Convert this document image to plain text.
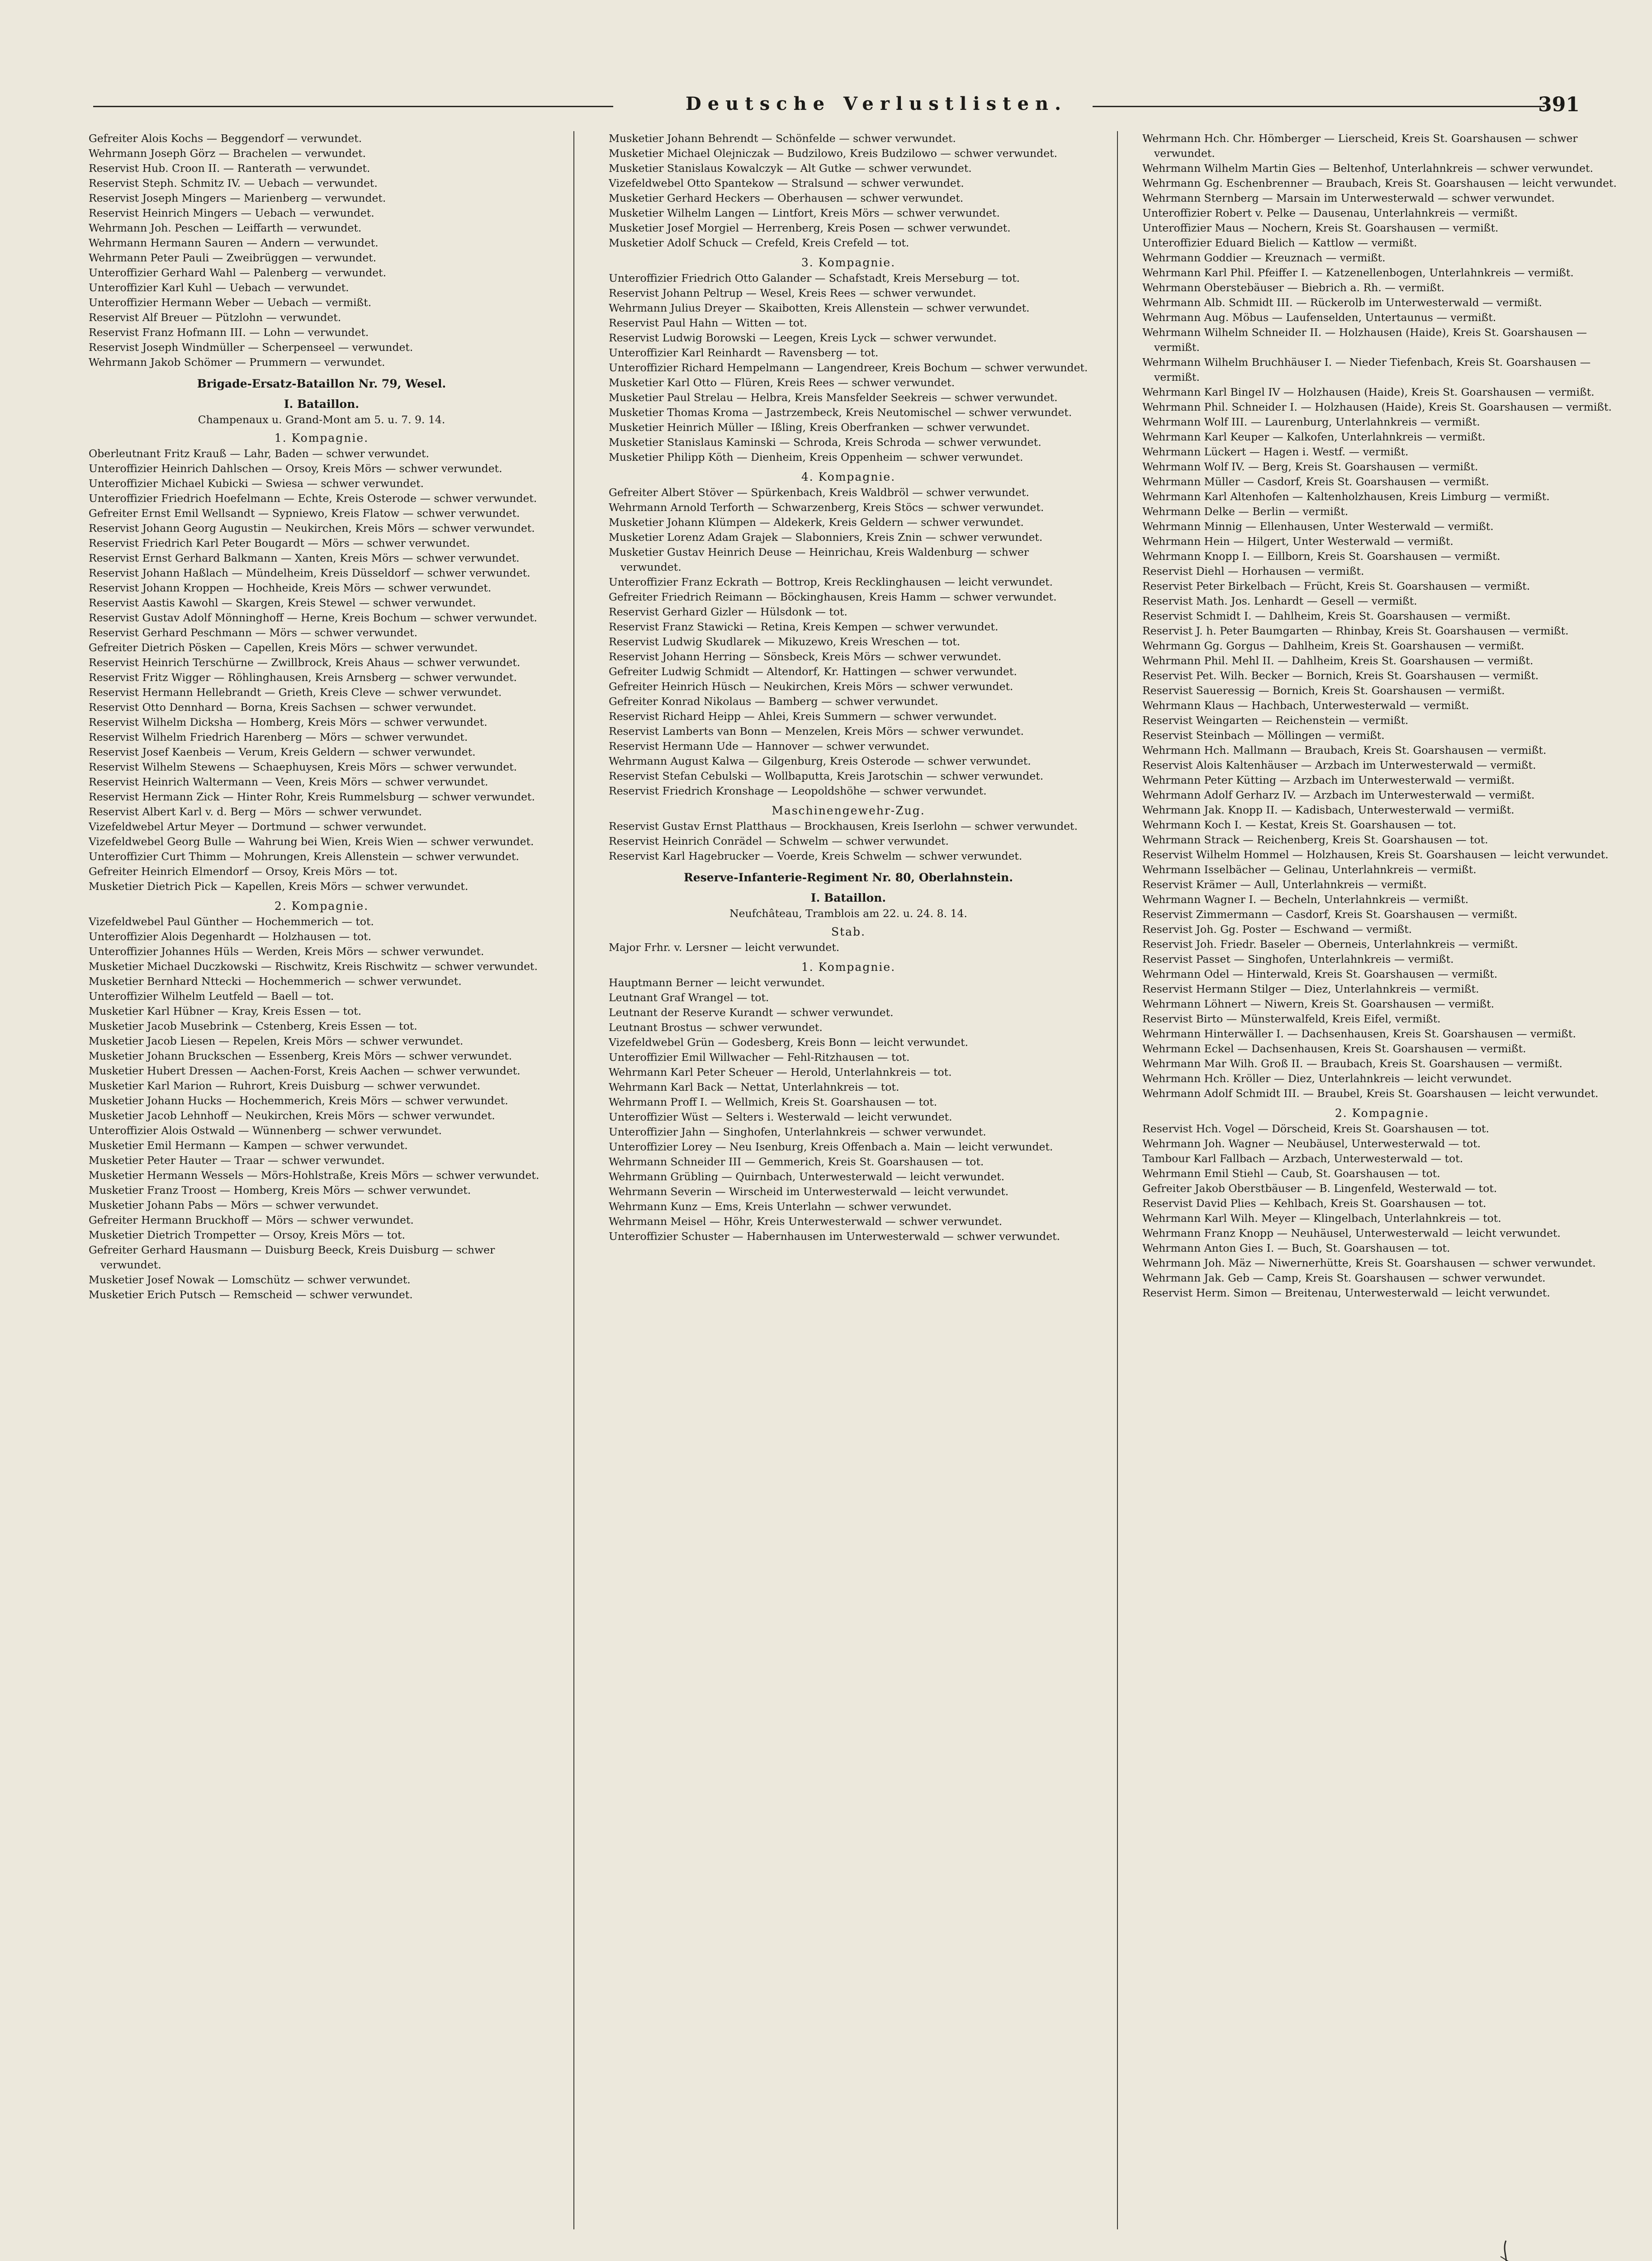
Deutsche Verlustlisten.	391

Gefreiter Alois Kochs — Beggendorf — verwundet.

Wehrmann Joseph Görz — Brachelen — verwundet.

Reservist Hub. Croon II. — Ranterath — verwundet.

Reservist Steph. Schmitz IV. — Uebach — verwundet.

Reservist Joseph Mingers — Marienberg — verwundet.

Reservist Heinrich Mingers — Uebach — verwundet.

Wehrmann Joh. Peschen — Leiffarth — verwundet.

Wehrmann Hermann Sauren — Andern — verwundet.

Wehrmann Peter Pauli — Zweibrüggen — verwundet.

Unteroffizier Gerhard Wahl — Palenberg — verwundet.

Unteroffizier Karl Kuhl — Uebach — verwundet.

Unteroffizier Hermann Weber — Uebach — vermißt.

Reservist Alf Breuer — Pützlohn — verwundet.

Reservist Franz Hofmann III. — Lohn — verwundet.

Reservist Joseph Windmüller — Scherpenseel — verwundet.

Wehrmann Jakob Schömer — Prummern — verwundet.

Brigade-Ersatz-Bataillon Nr. 79, Wesel.
I. Bataillon.
Champenaux u. Grand-Mont am 5. u. 7. 9. 14.
1. Kompagnie.

Oberleutnant Fritz Krauß — Lahr, Baden — schwer verwundet.

Unteroffizier Heinrich Dahlschen — Orsoy, Kreis Mörs — schwer verwundet.

Unteroffizier Michael Kubicki — Swiesa — schwer verwundet.

Unteroffizier Friedrich Hoefelmann — Echte, Kreis Osterode — schwer verwundet.

Gefreiter Ernst Emil Wellsandt — Sypniewo, Kreis Flatow — schwer verwundet.

Reservist Johann Georg Augustin — Neukirchen, Kreis Mörs — schwer verwundet.

Reservist Friedrich Karl Peter Bougardt — Mörs — schwer verwundet.

Reservist Ernst Gerhard Balkmann — Xanten, Kreis Mörs — schwer verwundet.

Reservist Johann Haßlach — Mündelheim, Kreis Düsseldorf — schwer verwundet.

Reservist Johann Kroppen — Hochheide, Kreis Mörs — schwer verwundet.

Reservist Aastis Kawohl — Skargen, Kreis Stewel — schwer verwundet.

Reservist Gustav Adolf Mönninghoff — Herne, Kreis Bochum — schwer verwundet.

Reservist Gerhard Peschmann — Mörs — schwer verwundet.

Gefreiter Dietrich Pösken — Capellen, Kreis Mörs — schwer verwundet.

Reservist Heinrich Terschürne — Zwillbrock, Kreis Ahaus — schwer verwundet.

Reservist Fritz Wigger — Röhlinghausen, Kreis Arnsberg — schwer verwundet.

Reservist Hermann Hellebrandt — Grieth, Kreis Cleve — schwer verwundet.

Reservist Otto Dennhard — Borna, Kreis Sachsen — schwer verwundet.

Reservist Wilhelm Dicksha — Homberg, Kreis Mörs — schwer verwundet.

Reservist Wilhelm Friedrich Harenberg — Mörs — schwer verwundet.

Reservist Josef Kaenbeis — Verum, Kreis Geldern — schwer verwundet.

Reservist Wilhelm Stewens — Schaephuysen, Kreis Mörs — schwer verwundet.

Reservist Heinrich Waltermann — Veen, Kreis Mörs — schwer verwundet.

Reservist Hermann Zick — Hinter Rohr, Kreis Rummelsburg — schwer verwundet.

Reservist Albert Karl v. d. Berg — Mörs — schwer verwundet.

Vizefeldwebel Artur Meyer — Dortmund — schwer verwundet.

Vizefeldwebel Georg Bulle — Wahrung bei Wien, Kreis Wien — schwer verwundet.

Unteroffizier Curt Thimm — Mohrungen, Kreis Allenstein — schwer verwundet.

Gefreiter Heinrich Elmendorf — Orsoy, Kreis Mörs — tot.

Musketier Dietrich Pick — Kapellen, Kreis Mörs — schwer verwundet.

2. Kompagnie.

Vizefeldwebel Paul Günther — Hochemmerich — tot.

Unteroffizier Alois Degenhardt — Holzhausen — tot.

Unteroffizier Johannes Hüls — Werden, Kreis Mörs — schwer verwundet.

Musketier Michael Duczkowski — Rischwitz, Kreis Rischwitz — schwer verwundet.

Musketier Bernhard Nttecki — Hochemmerich — schwer verwundet.

Unteroffizier Wilhelm Leutfeld — Baell — tot.

Musketier Karl Hübner — Kray, Kreis Essen — tot.

Musketier Jacob Musebrink — Cstenberg, Kreis Essen — tot.

Musketier Jacob Liesen — Repelen, Kreis Mörs — schwer verwundet.

Musketier Johann Bruckschen — Essenberg, Kreis Mörs — schwer verwundet.

Musketier Hubert Dressen — Aachen-Forst, Kreis Aachen — schwer verwundet.

Musketier Karl Marion — Ruhrort, Kreis Duisburg — schwer verwundet.

Musketier Johann Hucks — Hochemmerich, Kreis Mörs — schwer verwundet.

Musketier Jacob Lehnhoff — Neukirchen, Kreis Mörs — schwer verwundet.

Unteroffizier Alois Ostwald — Wünnenberg — schwer verwundet.

Musketier Emil Hermann — Kampen — schwer verwundet.

Musketier Peter Hauter — Traar — schwer verwundet.

Musketier Hermann Wessels — Mörs-Hohlstraße, Kreis Mörs — schwer verwundet.

Musketier Franz Troost — Homberg, Kreis Mörs — schwer verwundet.

Musketier Johann Pabs — Mörs — schwer verwundet.

Gefreiter Hermann Bruckhoff — Mörs — schwer verwundet.

Musketier Dietrich Trompetter — Orsoy, Kreis Mörs — tot.

Gefreiter Gerhard Hausmann — Duisburg Beeck, Kreis Duisburg — schwer verwundet.

Musketier Josef Nowak — Lomschütz — schwer verwundet.

Musketier Erich Putsch — Remscheid — schwer verwundet.

Musketier Johann Behrendt — Schönfelde — schwer verwundet.

Musketier Michael Olejniczak — Budzilowo, Kreis Budzilowo — schwer verwundet.

Musketier Stanislaus Kowalczyk — Alt Gutke — schwer verwundet.

Vizefeldwebel Otto Spantekow — Stralsund — schwer verwundet.

Musketier Gerhard Heckers — Oberhausen — schwer verwundet.

Musketier Wilhelm Langen — Lintfort, Kreis Mörs — schwer verwundet.

Musketier Josef Morgiel — Herrenberg, Kreis Posen — schwer verwundet.

Musketier Adolf Schuck — Crefeld, Kreis Crefeld — tot.

3. Kompagnie.

Unteroffizier Friedrich Otto Galander — Schafstadt, Kreis Merseburg — tot.

Reservist Johann Peltrup — Wesel, Kreis Rees — schwer verwundet.

Wehrmann Julius Dreyer — Skaibotten, Kreis Allenstein — schwer verwundet.

Reservist Paul Hahn — Witten — tot.

Reservist Ludwig Borowski — Leegen, Kreis Lyck — schwer verwundet.

Unteroffizier Karl Reinhardt — Ravensberg — tot.

Unteroffizier Richard Hempelmann — Langendreer, Kreis Bochum — schwer verwundet.

Musketier Karl Otto — Flüren, Kreis Rees — schwer verwundet.

Musketier Paul Strelau — Helbra, Kreis Mansfelder Seekreis — schwer verwundet.

Musketier Thomas Kroma — Jastrzembeck, Kreis Neutomischel — schwer verwundet.

Musketier Heinrich Müller — Ißling, Kreis Oberfranken — schwer verwundet.

Musketier Stanislaus Kaminski — Schroda, Kreis Schroda — schwer verwundet.

Musketier Philipp Köth — Dienheim, Kreis Oppenheim — schwer verwundet.

4. Kompagnie.

Gefreiter Albert Stöver — Spürkenbach, Kreis Waldbröl — schwer verwundet.

Wehrmann Arnold Terforth — Schwarzenberg, Kreis Stöcs — schwer verwundet.

Musketier Johann Klümpen — Aldekerk, Kreis Geldern — schwer verwundet.

Musketier Lorenz Adam Grajek — Slabonniers, Kreis Znin — schwer verwundet.

Musketier Gustav Heinrich Deuse — Heinrichau, Kreis Waldenburg — schwer verwundet.

Unteroffizier Franz Eckrath — Bottrop, Kreis Recklinghausen — leicht verwundet.

Gefreiter Friedrich Reimann — Böckinghausen, Kreis Hamm — schwer verwundet.

Reservist Gerhard Gizler — Hülsdonk — tot.

Reservist Franz Stawicki — Retina, Kreis Kempen — schwer verwundet.

Reservist Ludwig Skudlarek — Mikuzewo, Kreis Wreschen — tot.

Reservist Johann Herring — Sönsbeck, Kreis Mörs — schwer verwundet.

Gefreiter Ludwig Schmidt — Altendorf, Kr. Hattingen — schwer verwundet.

Gefreiter Heinrich Hüsch — Neukirchen, Kreis Mörs — schwer verwundet.

Gefreiter Konrad Nikolaus — Bamberg — schwer verwundet.

Reservist Richard Heipp — Ahlei, Kreis Summern — schwer verwundet.

Reservist Lamberts van Bonn — Menzelen, Kreis Mörs — schwer verwundet.

Reservist Hermann Ude — Hannover — schwer verwundet.

Wehrmann August Kalwa — Gilgenburg, Kreis Osterode — schwer verwundet.

Reservist Stefan Cebulski — Wollbaputta, Kreis Jarotschin — schwer verwundet.

Reservist Friedrich Kronshage — Leopoldshöhe — schwer verwundet.

Maschinengewehr-Zug.

Reservist Gustav Ernst Platthaus — Brockhausen, Kreis Iserlohn — schwer verwundet.

Reservist Heinrich Conrädel — Schwelm — schwer verwundet.

Reservist Karl Hagebrucker — Voerde, Kreis Schwelm — schwer verwundet.

Reserve-Infanterie-Regiment Nr. 80, Oberlahnstein.
I. Bataillon.
Neufchâteau, Tramblois am 22. u. 24. 8. 14.
Stab.

Major Frhr. v. Lersner — leicht verwundet.

1. Kompagnie.

Hauptmann Berner — leicht verwundet.

Leutnant Graf Wrangel — tot.

Leutnant der Reserve Kurandt — schwer verwundet.

Leutnant Brostus — schwer verwundet.

Vizefeldwebel Grün — Godesberg, Kreis Bonn — leicht verwundet.

Unteroffizier Emil Willwacher — Fehl-Ritzhausen — tot.

Wehrmann Karl Peter Scheuer — Herold, Unterlahnkreis — tot.

Wehrmann Karl Back — Nettat, Unterlahnkreis — tot.

Wehrmann Proff I. — Wellmich, Kreis St. Goarshausen — tot.

Unteroffizier Wüst — Selters i. Westerwald — leicht verwundet.

Unteroffizier Jahn — Singhofen, Unterlahnkreis — schwer verwundet.

Unteroffizier Lorey — Neu Isenburg, Kreis Offenbach a. Main — leicht verwundet.

Wehrmann Schneider III — Gemmerich, Kreis St. Goarshausen — tot.

Wehrmann Grübling — Quirnbach, Unterwesterwald — leicht verwundet.

Wehrmann Severin — Wirscheid im Unterwesterwald — leicht verwundet.

Wehrmann Kunz — Ems, Kreis Unterlahn — schwer verwundet.

Wehrmann Meisel — Höhr, Kreis Unterwesterwald — schwer verwundet.

Unteroffizier Schuster — Habernhausen im Unterwesterwald — schwer verwundet.

Wehrmann Hch. Chr. Hömberger — Lierscheid, Kreis St. Goarshausen — schwer verwundet.

Wehrmann Wilhelm Martin Gies — Beltenhof, Unterlahnkreis — schwer verwundet.

Wehrmann Gg. Eschenbrenner — Braubach, Kreis St. Goarshausen — leicht verwundet.

Wehrmann Sternberg — Marsain im Unterwesterwald — schwer verwundet.

Unteroffizier Robert v. Pelke — Dausenau, Unterlahnkreis — vermißt.

Unteroffizier Maus — Nochern, Kreis St. Goarshausen — vermißt.

Unteroffizier Eduard Bielich — Kattlow — vermißt.

Wehrmann Goddier — Kreuznach — vermißt.

Wehrmann Karl Phil. Pfeiffer I. — Katzenellenbogen, Unterlahnkreis — vermißt.

Wehrmann Oberstebäuser — Biebrich a. Rh. — vermißt.

Wehrmann Alb. Schmidt III. — Rückerolb im Unterwesterwald — vermißt.

Wehrmann Aug. Möbus — Laufenselden, Untertaunus — vermißt.

Wehrmann Wilhelm Schneider II. — Holzhausen (Haide), Kreis St. Goarshausen — vermißt.

Wehrmann Wilhelm Bruchhäuser I. — Nieder Tiefenbach, Kreis St. Goarshausen — vermißt.

Wehrmann Karl Bingel IV — Holzhausen (Haide), Kreis St. Goarshausen — vermißt.

Wehrmann Phil. Schneider I. — Holzhausen (Haide), Kreis St. Goarshausen — vermißt.

Wehrmann Wolf III. — Laurenburg, Unterlahnkreis — vermißt.

Wehrmann Karl Keuper — Kalkofen, Unterlahnkreis — vermißt.

Wehrmann Lückert — Hagen i. Westf. — vermißt.

Wehrmann Wolf IV. — Berg, Kreis St. Goarshausen — vermißt.

Wehrmann Müller — Casdorf, Kreis St. Goarshausen — vermißt.

Wehrmann Karl Altenhofen — Kaltenholzhausen, Kreis Limburg — vermißt.

Wehrmann Delke — Berlin — vermißt.

Wehrmann Minnig — Ellenhausen, Unter Westerwald — vermißt.

Wehrmann Hein — Hilgert, Unter Westerwald — vermißt.

Wehrmann Knopp I. — Eillborn, Kreis St. Goarshausen — vermißt.

Reservist Diehl — Horhausen — vermißt.

Reservist Peter Birkelbach — Frücht, Kreis St. Goarshausen — vermißt.

Reservist Math. Jos. Lenhardt — Gesell — vermißt.

Reservist Schmidt I. — Dahlheim, Kreis St. Goarshausen — vermißt.

Reservist J. h. Peter Baumgarten — Rhinbay, Kreis St. Goarshausen — vermißt.

Wehrmann Gg. Gorgus — Dahlheim, Kreis St. Goarshausen — vermißt.

Wehrmann Phil. Mehl II. — Dahlheim, Kreis St. Goarshausen — vermißt.

Reservist Pet. Wilh. Becker — Bornich, Kreis St. Goarshausen — vermißt.

Reservist Saueressig — Bornich, Kreis St. Goarshausen — vermißt.

Wehrmann Klaus — Hachbach, Unterwesterwald — vermißt.

Reservist Weingarten — Reichenstein — vermißt.

Reservist Steinbach — Möllingen — vermißt.

Wehrmann Hch. Mallmann — Braubach, Kreis St. Goarshausen — vermißt.

Reservist Alois Kaltenhäuser — Arzbach im Unterwesterwald — vermißt.

Wehrmann Peter Kütting — Arzbach im Unterwesterwald — vermißt.

Wehrmann Adolf Gerharz IV. — Arzbach im Unterwesterwald — vermißt.

Wehrmann Jak. Knopp II. — Kadisbach, Unterwesterwald — vermißt.

Wehrmann Koch I. — Kestat, Kreis St. Goarshausen — tot.

Wehrmann Strack — Reichenberg, Kreis St. Goarshausen — tot.

Reservist Wilhelm Hommel — Holzhausen, Kreis St. Goarshausen — leicht verwundet.

Wehrmann Isselbächer — Gelinau, Unterlahnkreis — vermißt.

Reservist Krämer — Aull, Unterlahnkreis — vermißt.

Wehrmann Wagner I. — Becheln, Unterlahnkreis — vermißt.

Reservist Zimmermann — Casdorf, Kreis St. Goarshausen — vermißt.

Reservist Joh. Gg. Poster — Eschwand — vermißt.

Reservist Joh. Friedr. Baseler — Oberneis, Unterlahnkreis — vermißt.

Reservist Passet — Singhofen, Unterlahnkreis — vermißt.

Wehrmann Odel — Hinterwald, Kreis St. Goarshausen — vermißt.

Reservist Hermann Stilger — Diez, Unterlahnkreis — vermißt.

Wehrmann Löhnert — Niwern, Kreis St. Goarshausen — vermißt.

Reservist Birto — Münsterwalfeld, Kreis Eifel, vermißt.

Wehrmann Hinterwäller I. — Dachsenhausen, Kreis St. Goarshausen — vermißt.

Wehrmann Eckel — Dachsenhausen, Kreis St. Goarshausen — vermißt.

Wehrmann Mar Wilh. Groß II. — Braubach, Kreis St. Goarshausen — vermißt.

Wehrmann Hch. Kröller — Diez, Unterlahnkreis — leicht verwundet.

Wehrmann Adolf Schmidt III. — Braubel, Kreis St. Goarshausen — leicht verwundet.

2. Kompagnie.

Reservist Hch. Vogel — Dörscheid, Kreis St. Goarshausen — tot.

Wehrmann Joh. Wagner — Neubäusel, Unterwesterwald — tot.

Tambour Karl Fallbach — Arzbach, Unterwesterwald — tot.

Wehrmann Emil Stiehl — Caub, St. Goarshausen — tot.

Gefreiter Jakob Oberstbäuser — B. Lingenfeld, Westerwald — tot.

Reservist David Plies — Kehlbach, Kreis St. Goarshausen — tot.

Wehrmann Karl Wilh. Meyer — Klingelbach, Unterlahnkreis — tot.

Wehrmann Franz Knopp — Neuhäusel, Unterwesterwald — leicht verwundet.

Wehrmann Anton Gies I. — Buch, St. Goarshausen — tot.

Wehrmann Joh. Mäz — Niwernerhütte, Kreis St. Goarshausen — schwer verwundet.

Wehrmann Jak. Geb — Camp, Kreis St. Goarshausen — schwer verwundet.

Reservist Herm. Simon — Breitenau, Unterwesterwald — leicht verwundet.
